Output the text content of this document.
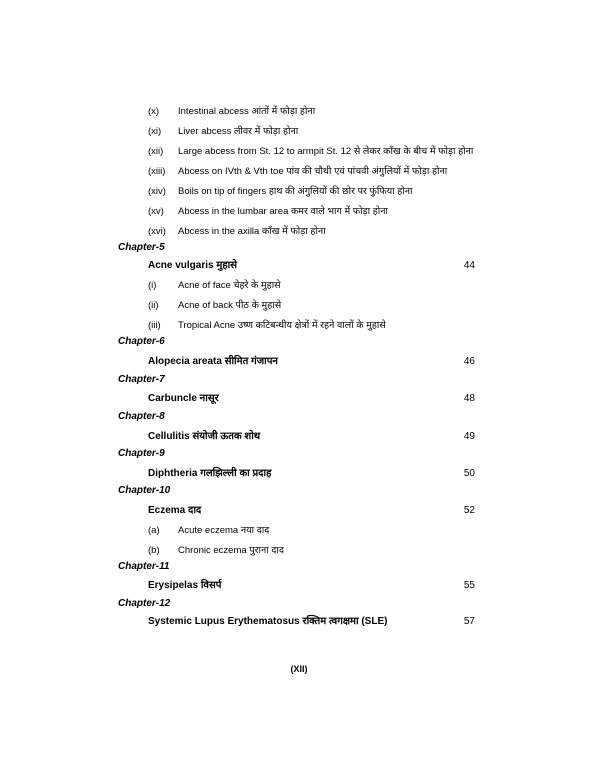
(x) Intestinal abcess आंतों में फोड़ा होना
(xi) Liver abcess लीवर में फोड़ा होना
(xii) Large abcess from St. 12 to armpit St. 12 से लेकर काँख के बीच में फोड़ा होना
(xiii) Abcess on IVth & Vth toe पांव की चौथी एवं पांचवी अंगुलियों में फोड़ा होना
(xiv) Boils on tip of fingers हाथ की अंगुलियों की छोर पर फुंफिया होना
(xv) Abcess in the lumbar area कमर वाले भाग में फोड़ा होना
(xvi) Abcess in the axilla काँख में फोड़ा होना
Chapter-5
Acne vulgaris मुहासे	44
(i) Acne of face चेहरे के मुहासे
(ii) Acne of back पीठ के मुहासे
(iii) Tropical Acne उष्ण कटिबन्धीय क्षेत्रों में रहने वालों के मुहासे
Chapter-6
Alopecia areata सीमित गंजापन	46
Chapter-7
Carbuncle नासूर	48
Chapter-8
Cellulitis संयोजी ऊतक शोथ	49
Chapter-9
Diphtheria गलझिल्ली का प्रदाह	50
Chapter-10
Eczema दाद	52
(a) Acute eczema नया दाद
(b) Chronic eczema पुराना दाद
Chapter-11
Erysipelas विसर्प	55
Chapter-12
Systemic Lupus Erythematosus रक्तिम त्वगक्षमा (SLE)	57
(XII)
